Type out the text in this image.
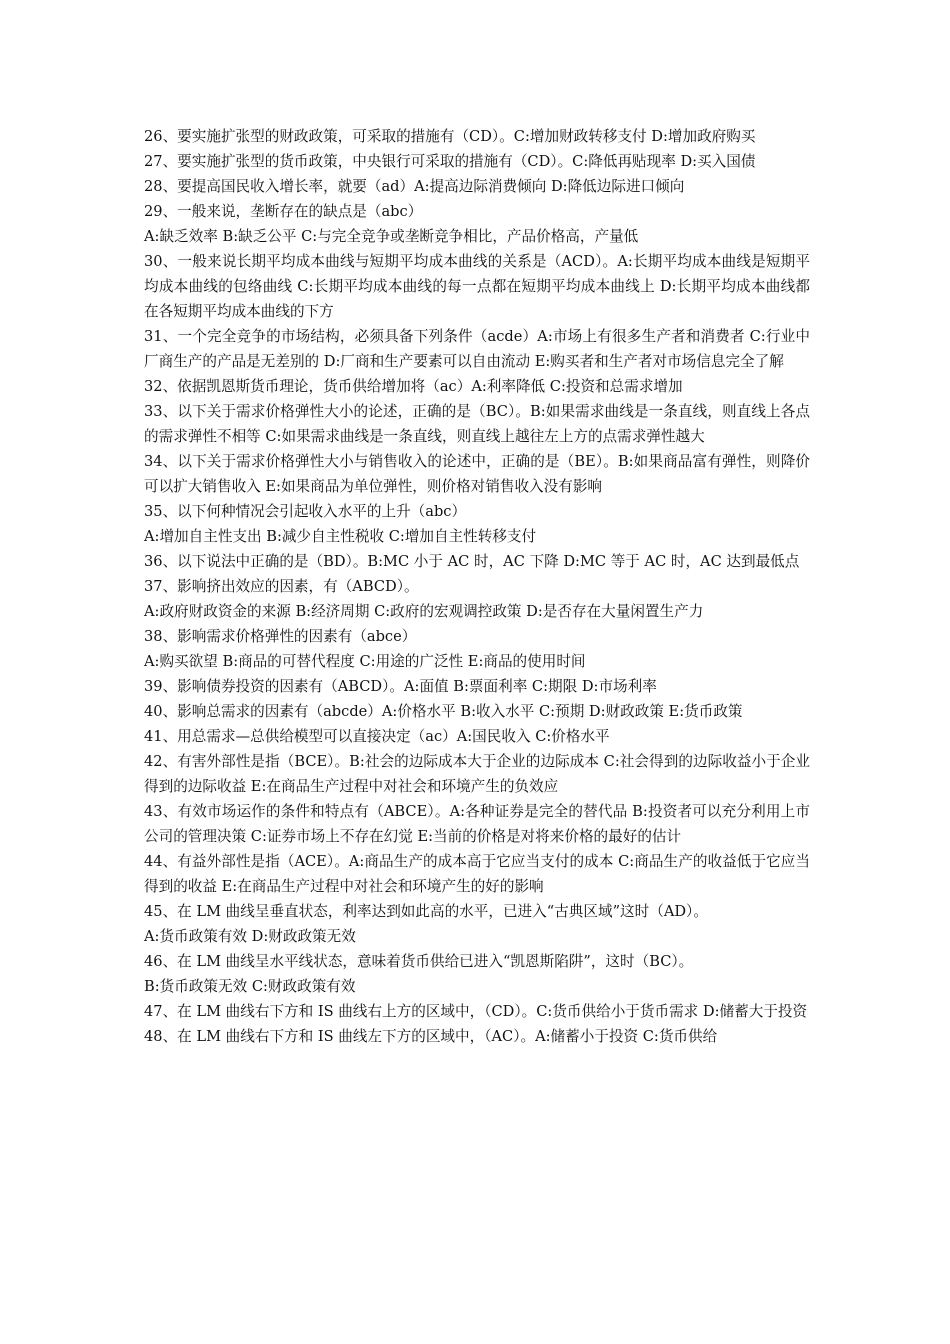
26、要实施扩张型的财政政策，可采取的措施有（CD）。C:增加财政转移支付 D:增加政府购买

27、要实施扩张型的货币政策，中央银行可采取的措施有（CD）。C:降低再贴现率 D:买入国债

28、要提高国民收入增长率，就要（ad）A:提高边际消费倾向 D:降低边际进口倾向

29、一般来说，垄断存在的缺点是（abc）

A:缺乏效率 B:缺乏公平 C:与完全竞争或垄断竞争相比，产品价格高，产量低

30、一般来说长期平均成本曲线与短期平均成本曲线的关系是（ACD）。A:长期平均成本曲线是短期平均成本曲线的包络曲线 C:长期平均成本曲线的每一点都在短期平均成本曲线上 D:长期平均成本曲线都在各短期平均成本曲线的下方

31、一个完全竞争的市场结构，必须具备下列条件（acde）A:市场上有很多生产者和消费者 C:行业中厂商生产的产品是无差别的 D:厂商和生产要素可以自由流动 E:购买者和生产者对市场信息完全了解

32、依据凯恩斯货币理论，货币供给增加将（ac）A:利率降低 C:投资和总需求增加

33、以下关于需求价格弹性大小的论述，正确的是（BC）。B:如果需求曲线是一条直线，则直线上各点的需求弹性不相等 C:如果需求曲线是一条直线，则直线上越往左上方的点需求弹性越大

34、以下关于需求价格弹性大小与销售收入的论述中，正确的是（BE）。B:如果商品富有弹性，则降价可以扩大销售收入 E:如果商品为单位弹性，则价格对销售收入没有影响

35、以下何种情况会引起收入水平的上升（abc）

A:增加自主性支出 B:减少自主性税收 C:增加自主性转移支付

36、以下说法中正确的是（BD）。B:MC 小于 AC 时，AC 下降 D:MC 等于 AC 时，AC 达到最低点

37、影响挤出效应的因素，有（ABCD）。

A:政府财政资金的来源 B:经济周期 C:政府的宏观调控政策 D:是否存在大量闲置生产力

38、影响需求价格弹性的因素有（abce）

A:购买欲望 B:商品的可替代程度 C:用途的广泛性 E:商品的使用时间

39、影响债券投资的因素有（ABCD）。A:面值 B:票面利率 C:期限 D:市场利率

40、影响总需求的因素有（abcde）A:价格水平 B:收入水平 C:预期 D:财政政策 E:货币政策

41、用总需求—总供给模型可以直接决定（ac）A:国民收入 C:价格水平

42、有害外部性是指（BCE）。B:社会的边际成本大于企业的边际成本 C:社会得到的边际收益小于企业得到的边际收益 E:在商品生产过程中对社会和环境产生的负效应

43、有效市场运作的条件和特点有（ABCE）。A:各种证券是完全的替代品 B:投资者可以充分利用上市公司的管理决策 C:证券市场上不存在幻觉 E:当前的价格是对将来价格的最好的估计

44、有益外部性是指（ACE）。A:商品生产的成本高于它应当支付的成本 C:商品生产的收益低于它应当得到的收益 E:在商品生产过程中对社会和环境产生的好的影响

45、在 LM 曲线呈垂直状态，利率达到如此高的水平，已进入“古典区域”这时（AD）。

A:货币政策有效 D:财政政策无效

46、在 LM 曲线呈水平线状态，意味着货币供给已进入“凯恩斯陷阱”，这时（BC）。

B:货币政策无效 C:财政政策有效

47、在 LM 曲线右下方和 IS 曲线右上方的区域中，（CD）。C:货币供给小于货币需求 D:储蓄大于投资

48、在 LM 曲线右下方和 IS 曲线左下方的区域中，（AC）。A:储蓄小于投资 C:货币供给
